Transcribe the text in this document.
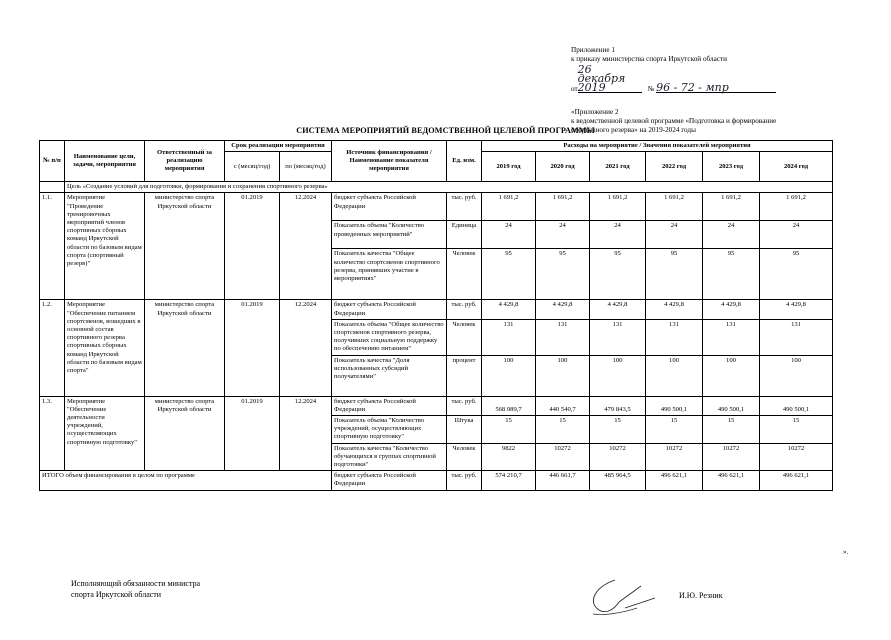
Приложение 1
к приказу министерства спорта Иркутской области
от26 декабря 2019	№ 96 - 72 - мпр
«Приложение 2
к ведомственной целевой программе «Подготовка и формирование
спортивного резерва» на 2019-2024 годы
СИСТЕМА МЕРОПРИЯТИЙ ВЕДОМСТВЕННОЙ ЦЕЛЕВОЙ ПРОГРАММЫ
№ п/п	Наименование цели, задачи, мероприятия	Ответственный за реализацию мероприятия	Срок реализации мероприятия		Источник финансирования / Наименование показателя мероприятия	Ед. изм.	Расходы на мероприятие / Значения показателей мероприятия					
			с (месяц/год)	по (месяц/год)			2019 год	2020 год	2021 год	2022 год	2023 год	2024 год
	Цель «Создание условий для подготовки, формирования и сохранения спортивного резерва»											
1.1.	Мероприятие "Проведение тренировочных мероприятий членов спортивных сборных команд Иркутской области по базовым видам спорта (спортивный резерв)"	министерство спорта Иркутской области	01.2019	12.2024	бюджет субъекта Российской Федерации	тыс. руб.	1 691,2	1 691,2	1 691,2	1 691,2	1 691,2	1 691,2
					Показатель объема "Количество проведенных мероприятий"	Единица	24	24	24	24	24	24
					Показатель качества "Общее количество спортсменов спортивного резерва, принявших участие в мероприятиях"	Человек	95	95	95	95	95	95
1.2.	Мероприятие "Обеспечение питанием спортсменов, вошедших в основной состав спортивного резерва спортивных сборных команд Иркутской области по базовым видам спорта"	министерство спорта Иркутской области	01.2019	12.2024	бюджет субъекта Российской Федерации	тыс. руб.	4 429,8	4 429,8	4 429,8	4 429,8	4 429,8	4 429,8
					Показатель объема "Общее количество спортсменов спортивного резерва, получивших социальную поддержку по обеспечению питанием"	Человек	131	131	131	131	131	131
					Показатель качества "Доля использованных субсидий получателями"	процент	100	100	100	100	100	100
1.3.	Мероприятие "Обеспечение деятельности учреждений, осуществляющих спортивную подготовку"	министерство спорта Иркутской области	01.2019	12.2024	бюджет субъекта Российской Федерации	тыс. руб.	568 089,7	440 540,7	479 843,5	490 500,1	490 500,1	490 500,1
					Показатель объема "Количество учреждений, осуществляющих спортивную подготовку"	Штука	15	15	15	15	15	15
					Показатель качества "Количество обучающихся в группах спортивной подготовки"	Человек	9822	10272	10272	10272	10272	10272
ИТОГО объем финансирования в целом по программе					бюджет субъекта Российской Федерации	тыс. руб.	574 210,7	446 661,7	485 964,5	496 621,1	496 621,1	496 621,1
».
Исполняющий обязанности министра
спорта Иркутской области	И.Ю. Резник
